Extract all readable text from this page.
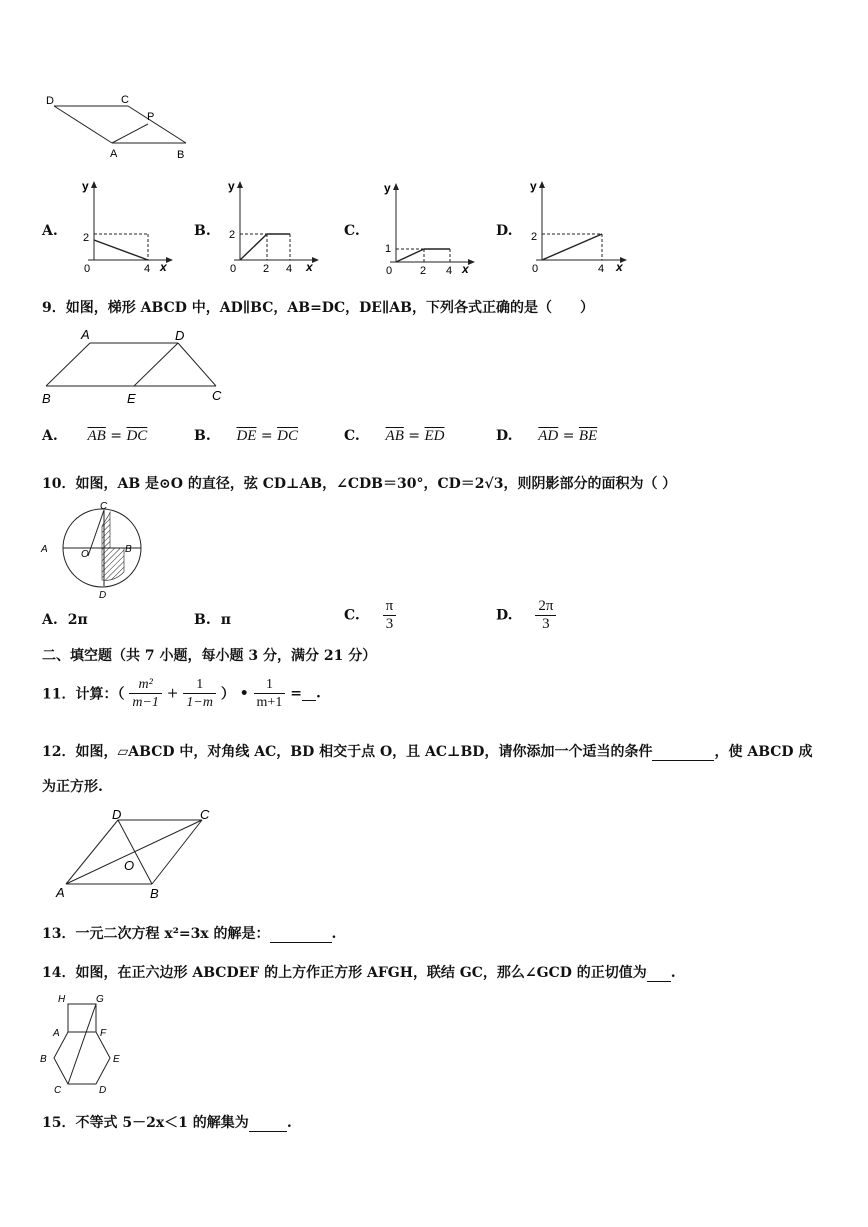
D	C
P
A	B
A.
y
2
0	4 x
B.
y
2
0 2 4 x
C.
y
1
0	2 4 x
D.
y
2
0	4 x
9．如图，梯形 ABCD 中，AD∥BC，AB=DC，DE∥AB，下列各式正确的是（　　）
A	D
B	E	C
A. $\overline{AB} = \overline{DC}$	B. $\overline{DE} = \overline{DC}$	C. $\overline{AB} = \overline{ED}$	D. $\overline{AD} = \overline{BE}$
10．如图，AB 是⊙O 的直径，弦 CD⊥AB，∠CDB＝30°，CD＝2√3，则阴影部分的面积为（ ）
C
A	O	B
D
A. 2π	B. π	C. $\frac{\pi}{3}$	D. $\frac{2\pi}{3}$
二、填空题（共 7 小题，每小题 3 分，满分 21 分）
11．计算：（ $\frac{\text{m²}}{m-1} + \frac{1}{1-m}$ ） • $\frac{1}{m+1}$ = .
12．如图，▱ABCD 中，对角线 AC，BD 相交于点 O，且 AC⊥BD，请你添加一个适当的条件	，使 ABCD 成
为正方形.
D	C
O
A	B
13．一元二次方程 x²=3x 的解是：	.
14．如图，在正六边形 ABCDEF 的上方作正方形 AFGH，联结 GC，那么∠GCD 的正切值为 .
H	G
A	F
B	E
C	D
15．不等式 5－2x＜1 的解集为	.
